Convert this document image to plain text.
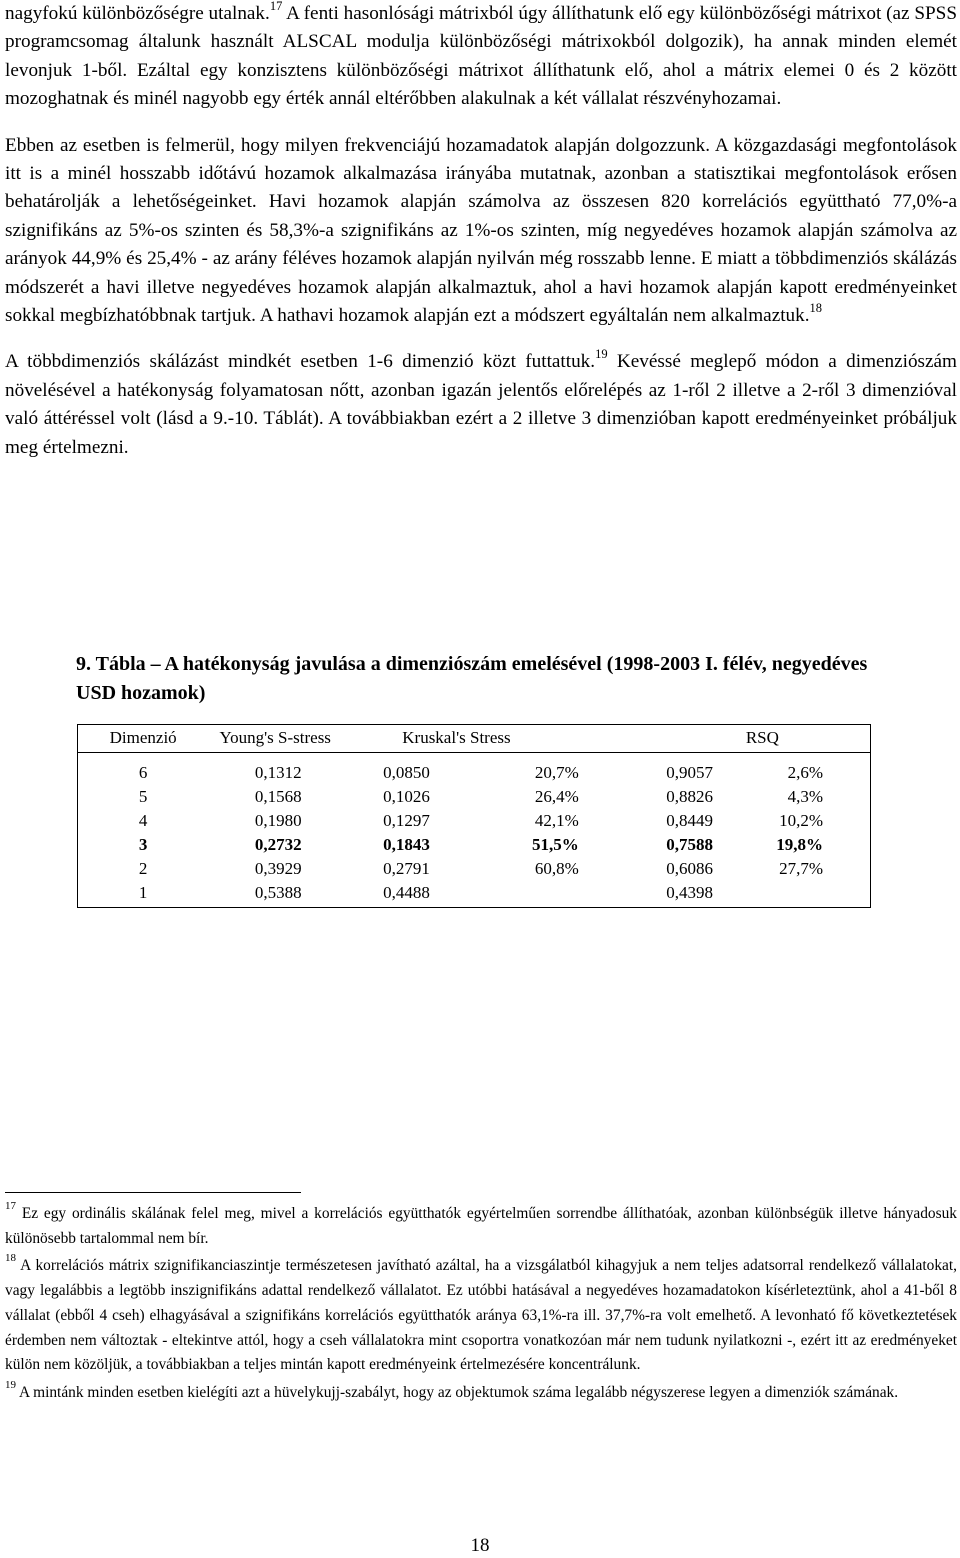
nagyfokú különbözőségre utalnak.$^{17}$ A fenti hasonlósági mátrixból úgy állíthatunk elő egy különbözőségi mátrixot (az SPSS programcsomag általunk használt ALSCAL modulja különbözőségi mátrixokból dolgozik), ha annak minden elemét levonjuk 1-ből. Ezáltal egy konzisztens különbözőségi mátrixot állíthatunk elő, ahol a mátrix elemei 0 és 2 között mozoghatnak és minél nagyobb egy érték annál eltérőbben alakulnak a két vállalat részvényhozamai.

Ebben az esetben is felmerül, hogy milyen frekvenciájú hozamadatok alapján dolgozzunk. A közgazdasági megfontolások itt is a minél hosszabb időtávú hozamok alkalmazása irányába mutatnak, azonban a statisztikai megfontolások erősen behatárolják a lehetőségeinket. Havi hozamok alapján számolva az összesen 820 korrelációs együttható 77,0%-a szignifikáns az 5%-os szinten és 58,3%-a szignifikáns az 1%-os szinten, míg negyedéves hozamok alapján számolva az arányok 44,9% és 25,4% - az arány féléves hozamok alapján nyilván még rosszabb lenne. E miatt a többdimenziós skálázás módszerét a havi illetve negyedéves hozamok alapján alkalmaztuk, ahol a havi hozamok alapján kapott eredményeinket sokkal megbízhatóbbnak tartjuk. A hathavi hozamok alapján ezt a módszert egyáltalán nem alkalmaztuk.$^{18}$

A többdimenziós skálázást mindkét esetben 1-6 dimenzió közt futtattuk.$^{19}$ Kevéssé meglepő módon a dimenziószám növelésével a hatékonyság folyamatosan nőtt, azonban igazán jelentős előrelépés az 1-ről 2 illetve a 2-ről 3 dimenzióval való áttéréssel volt (lásd a 9.-10. Táblát). A továbbiakban ezért a 2 illetve 3 dimenzióban kapott eredményeinket próbáljuk meg értelmezni.

9. Tábla – A hatékonyság javulása a dimenziószám emelésével (1998-2003 I. félév, negyedéves USD hozamok)

Dimenzió	Young's S-stress	Kruskal's Stress		RSQ	
6	0,1312	0,0850	20,7%	0,9057	2,6%
5	0,1568	0,1026	26,4%	0,8826	4,3%
4	0,1980	0,1297	42,1%	0,8449	10,2%
3	0,2732	0,1843	51,5%	0,7588	19,8%
2	0,3929	0,2791	60,8%	0,6086	27,7%
1	0,5388	0,4488		0,4398	

$^{17}$ Ez egy ordinális skálának felel meg, mivel a korrelációs együtthatók egyértelműen sorrendbe állíthatóak, azonban különbségük illetve hányadosuk különösebb tartalommal nem bír.

$^{18}$ A korrelációs mátrix szignifikanciaszintje természetesen javítható azáltal, ha a vizsgálatból kihagyjuk a nem teljes adatsorral rendelkező vállalatokat, vagy legalábbis a legtöbb inszignifikáns adattal rendelkező vállalatot. Ez utóbbi hatásával a negyedéves hozamadatokon kísérleteztünk, ahol a 41-ből 8 vállalat (ebből 4 cseh) elhagyásával a szignifikáns korrelációs együtthatók aránya 63,1%-ra ill. 37,7%-ra volt emelhető. A levonható fő következtetések érdemben nem változtak - eltekintve attól, hogy a cseh vállalatokra mint csoportra vonatkozóan már nem tudunk nyilatkozni -, ezért itt az eredményeket külön nem közöljük, a továbbiakban a teljes mintán kapott eredményeink értelmezésére koncentrálunk.

$^{19}$ A mintánk minden esetben kielégíti azt a hüvelykujj-szabályt, hogy az objektumok száma legalább négyszerese legyen a dimenziók számának.

18
